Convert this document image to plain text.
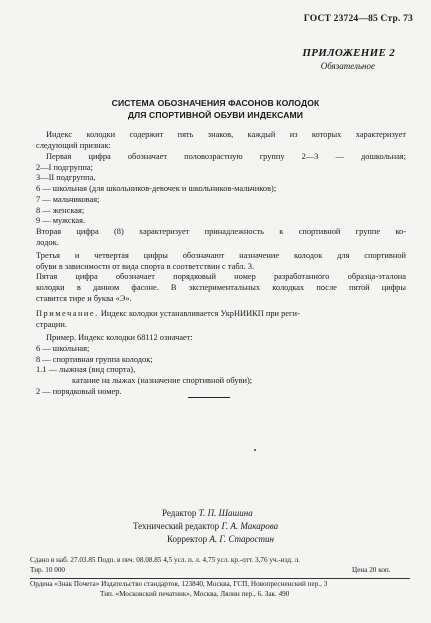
ГОСТ 23724—85 Стр. 73
ПРИЛОЖЕНИЕ 2
Обязательное
СИСТЕМА ОБОЗНАЧЕНИЯ ФАСОНОВ КОЛОДОК
ДЛЯ СПОРТИВНОЙ ОБУВИ ИНДЕКСАМИ
Индекс колодки содержит пять знаков, каждый из которых характеризует
следующий признак:
Первая цифра обозначает половозрастную группу 2—3 — дошкольная;
2—I подгруппа;
3—II подгруппа,
6 — школьная (для школьников-девочек и школьников-мальчиков);
7 — мальчиковая;
8 — женская;
9 — мужская.
Вторая цифра (8) характеризует принадлежность к спортивной группе ко-
лодок.
Третья и четвертая цифры обозначают назначение колодок для спортивной
обуви в зависимости от вида спорта в соответствии с табл. 3.
Пятая цифра обозначает порядковый номер разработанного образца-эталона
колодки в данном фасоне. В экспериментальных колодках после пятой цифры
ставится тире и буква «Э».
Примечание. Индекс колодки устанавливается УкрНИИКП при реги-
страции.
Пример. Индекс колодки 68112 означает:
6 — школьная;
8 — спортивная группа колодок;
1.1 — лыжная (вид спорта),
катание на лыжах (назначение спортивной обуви);
2 — порядковый номер.
Редактор Т. П. Шашина
Технический редактор Г. А. Макарова
Корректор А. Г. Старостин
Сдано в наб. 27.03.85 Подп. в печ. 08.08.85 4,5 усл. п. л. 4,75 усл. кр.-отт. 3,76 уч.-изд. л.
Тир. 10 000	Цена 20 коп.
Ордена «Знак Почета» Издательство стандартов, 123840, Москва, ГСП, Новопресненский пер., 3
Тип. «Московский печатник», Москва, Лялин пер., 6. Зак. 490
